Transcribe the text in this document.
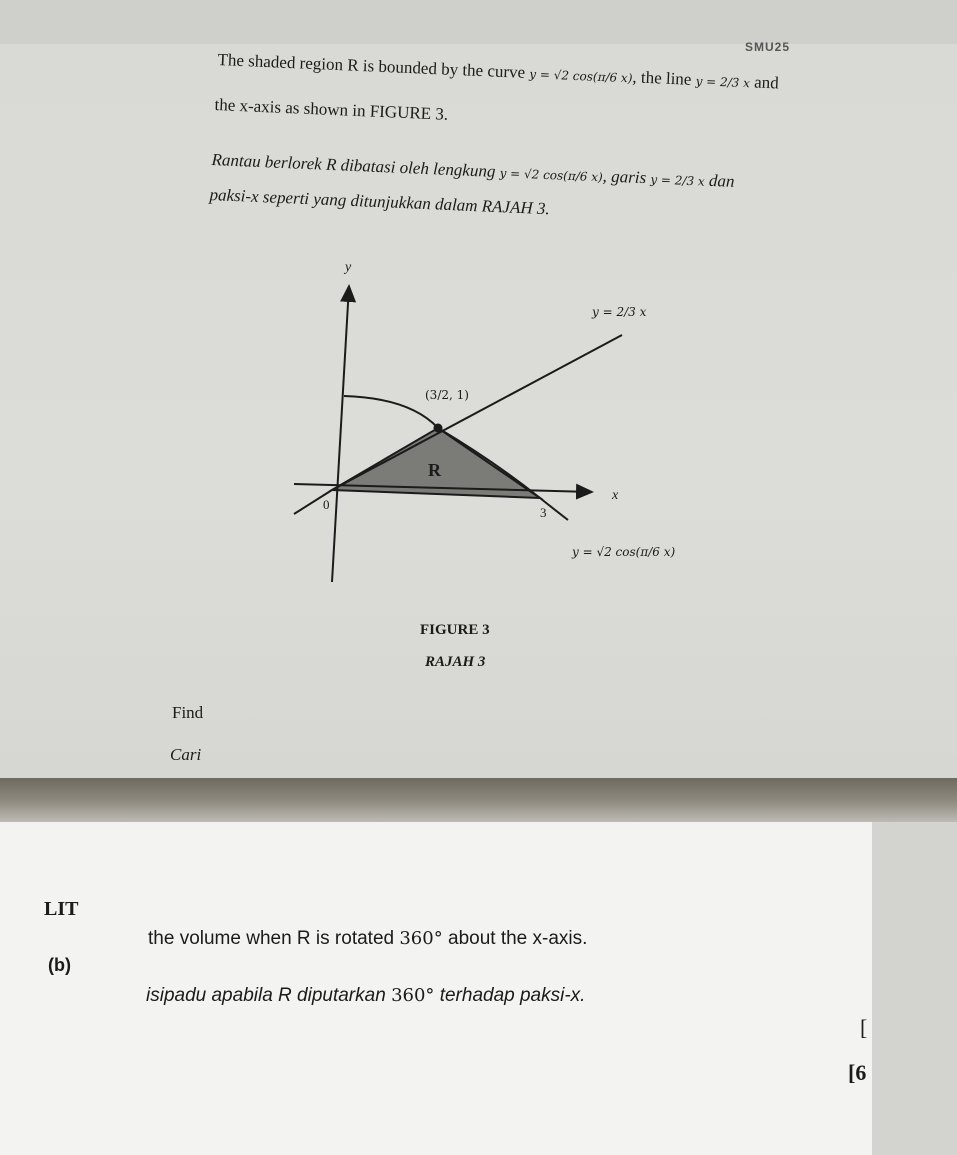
SMU25
The shaded region R is bounded by the curve y = √2 cos(π/6 x), the line y = 2/3 x and
the x-axis as shown in FIGURE 3.
Rantau berlorek R dibatasi oleh lengkung y = √2 cos(π/6 x), garis y = 2/3 x dan
paksi-x seperti yang ditunjukkan dalam RAJAH 3.
y
x
0
3
(3/2, 1)
R
y = 2/3 x
y = √2 cos(π/6 x)
FIGURE 3
RAJAH 3
Find
Cari
LIT
(b)
the volume when R is rotated 360° about the x-axis.
isipadu apabila R diputarkan 360° terhadap paksi-x.
[
[6
